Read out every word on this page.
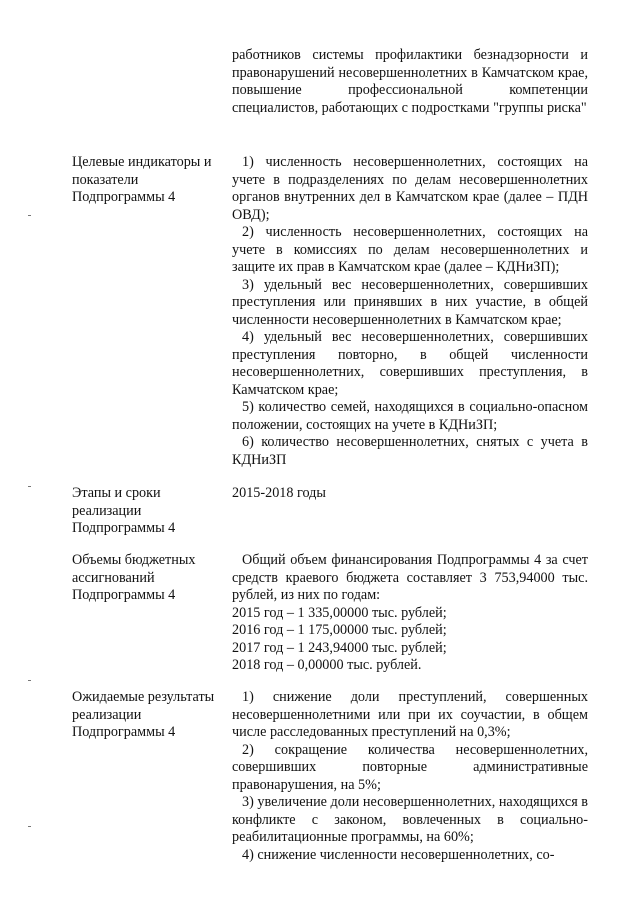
работников системы профилактики безнадзорности и правонарушений несовершеннолетних в Камчатском крае, повышение профессиональной компетенции специалистов, работающих с подростками "группы риска"

Целевые индикаторы и показатели Подпрограммы 4

1) численность несовершеннолетних, состоящих на учете в подразделениях по делам несовершеннолетних органов внутренних дел в Камчатском крае (далее – ПДН ОВД);

2) численность несовершеннолетних, состоящих на учете в комиссиях по делам несовершеннолетних и защите их прав в Камчатском крае (далее – КДНиЗП);

3) удельный вес несовершеннолетних, совершивших преступления или принявших в них участие, в общей численности несовершеннолетних в Камчатском крае;

4) удельный вес несовершеннолетних, совершивших преступления повторно, в общей численности несовершеннолетних, совершивших преступления, в Камчатском крае;

5) количество семей, находящихся в социально-опасном положении, состоящих на учете в КДНиЗП;

6) количество несовершеннолетних, снятых с учета в КДНиЗП

Этапы и сроки реализации Подпрограммы 4

2015-2018 годы

Объемы бюджетных ассигнований Подпрограммы 4

Общий объем финансирования Подпрограммы 4 за счет средств краевого бюджета составляет 3 753,94000 тыс. рублей, из них по годам:

2015 год – 1 335,00000 тыс. рублей;

2016 год – 1 175,00000 тыс. рублей;

2017 год – 1 243,94000 тыс. рублей;

2018 год – 0,00000 тыс. рублей.

Ожидаемые результаты реализации Подпрограммы 4

1) снижение доли преступлений, совершенных несовершеннолетними или при их соучастии, в общем числе расследованных преступлений на 0,3%;

2) сокращение количества несовершеннолетних, совершивших повторные административные правонарушения, на 5%;

3) увеличение доли несовершеннолетних, находящихся в конфликте с законом, вовлеченных в социально-реабилитационные программы, на 60%;

4) снижение численности несовершеннолетних, со-
